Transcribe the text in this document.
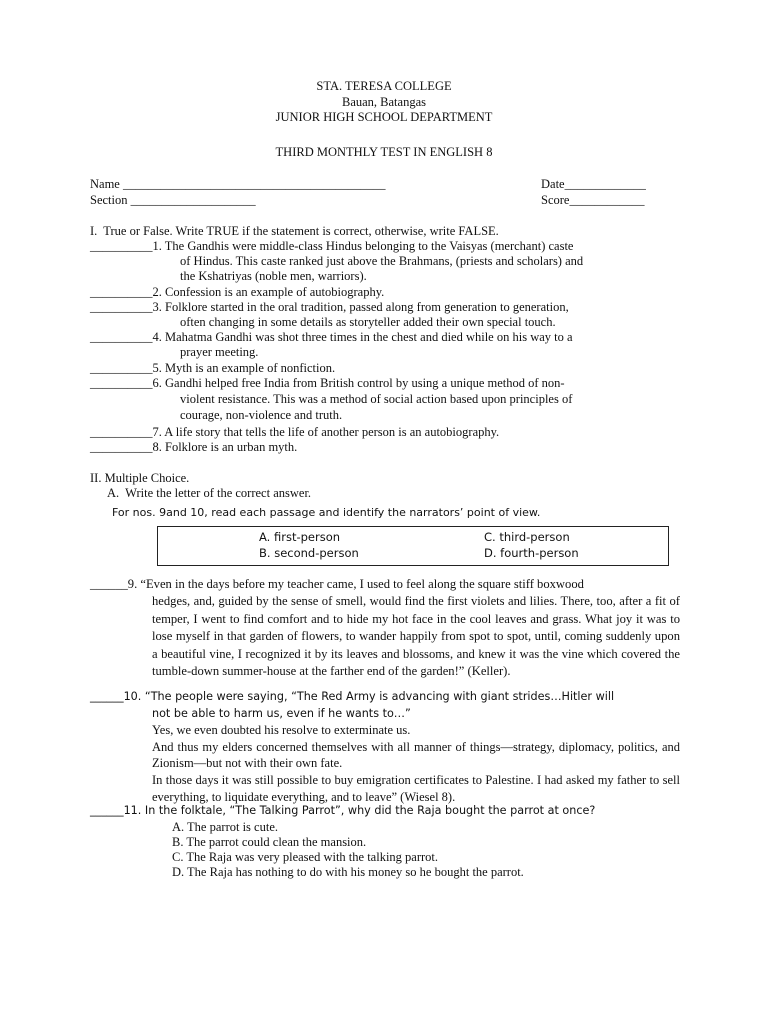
STA. TERESA COLLEGE
Bauan, Batangas
JUNIOR HIGH SCHOOL DEPARTMENT
THIRD MONTHLY TEST IN ENGLISH 8
Name __________________________________________	Date_____________
Section ____________________	Score____________
I.  True or False. Write TRUE if the statement is correct, otherwise, write FALSE.
__________1. The Gandhis were middle-class Hindus belonging to the Vaisyas (merchant) caste
of Hindus. This caste ranked just above the Brahmans, (priests and scholars) and
the Kshatriyas (noble men, warriors).
__________2. Confession is an example of autobiography.
__________3. Folklore started in the oral tradition, passed along from generation to generation,
often changing in some details as storyteller added their own special touch.
__________4. Mahatma Gandhi was shot three times in the chest and died while on his way to a
prayer meeting.
__________5. Myth is an example of nonfiction.
__________6. Gandhi helped free India from British control by using a unique method of non-
violent resistance. This was a method of social action based upon principles of
courage, non-violence and truth.
__________7. A life story that tells the life of another person is an autobiography.
__________8. Folklore is an urban myth.
II. Multiple Choice.
A.  Write the letter of the correct answer.
For nos. 9and 10, read each passage and identify the narrators’ point of view.
A. first-person
B. second-person
C. third-person
D. fourth-person
______9. “Even in the days before my teacher came, I used to feel along the square stiff boxwood
hedges, and, guided by the sense of smell, would find the first violets and lilies. There, too, after a fit of temper, I went to find comfort and to hide my hot face in the cool leaves and grass. What joy it was to lose myself in that garden of flowers, to wander happily from spot to spot, until, coming suddenly upon a beautiful vine, I recognized it by its leaves and blossoms, and knew it was the vine which covered the tumble-down summer-house at the farther end of the garden!” (Keller).
______10. “The people were saying, “The Red Army is advancing with giant strides…Hitler will
not be able to harm us, even if he wants to…”
Yes, we even doubted his resolve to exterminate us.
And thus my elders concerned themselves with all manner of things—strategy, diplomacy, politics, and Zionism—but not with their own fate.
In those days it was still possible to buy emigration certificates to Palestine. I had asked my father to sell everything, to liquidate everything, and to leave” (Wiesel 8).
______11. In the folktale, “The Talking Parrot”, why did the Raja bought the parrot at once?
A. The parrot is cute.
B. The parrot could clean the mansion.
C. The Raja was very pleased with the talking parrot.
D. The Raja has nothing to do with his money so he bought the parrot.
